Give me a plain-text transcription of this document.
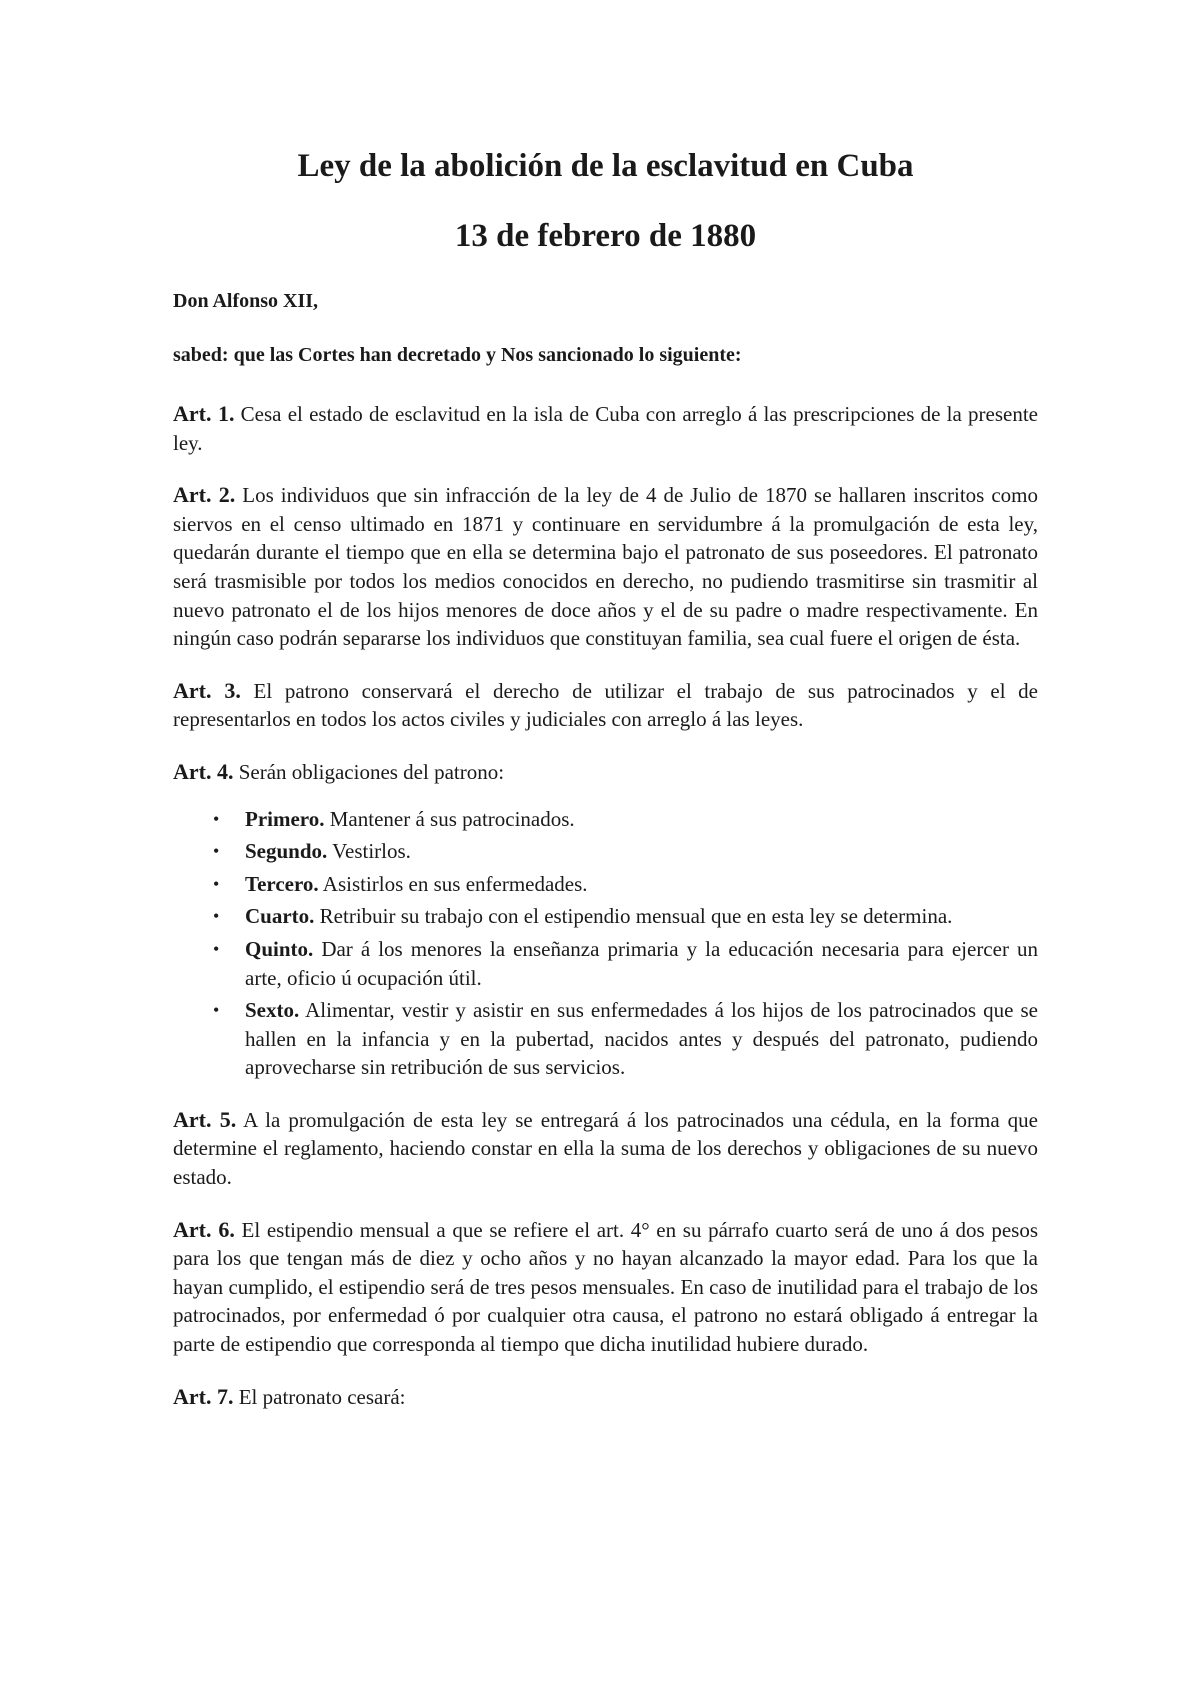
Ley de la abolición de la esclavitud en Cuba
13 de febrero de 1880

Don Alfonso XII,

sabed: que las Cortes han decretado y Nos sancionado lo siguiente:

Art. 1. Cesa el estado de esclavitud en la isla de Cuba con arreglo á las prescripciones de la presente ley.

Art. 2. Los individuos que sin infracción de la ley de 4 de Julio de 1870 se hallaren inscritos como siervos en el censo ultimado en 1871 y continuare en servidumbre á la promulgación de esta ley, quedarán durante el tiempo que en ella se determina bajo el patronato de sus poseedores. El patronato será trasmisible por todos los medios conocidos en derecho, no pudiendo trasmitirse sin trasmitir al nuevo patronato el de los hijos menores de doce años y el de su padre o madre respectivamente. En ningún caso podrán separarse los individuos que constituyan familia, sea cual fuere el origen de ésta.

Art. 3. El patrono conservará el derecho de utilizar el trabajo de sus patrocinados y el de representarlos en todos los actos civiles y judiciales con arreglo á las leyes.

Art. 4. Serán obligaciones del patrono:

• Primero. Mantener á sus patrocinados.
• Segundo. Vestirlos.
• Tercero. Asistirlos en sus enfermedades.
• Cuarto. Retribuir su trabajo con el estipendio mensual que en esta ley se determina.
• Quinto. Dar á los menores la enseñanza primaria y la educación necesaria para ejercer un arte, oficio ú ocupación útil.
• Sexto. Alimentar, vestir y asistir en sus enfermedades á los hijos de los patrocinados que se hallen en la infancia y en la pubertad, nacidos antes y después del patronato, pudiendo aprovecharse sin retribución de sus servicios.

Art. 5. A la promulgación de esta ley se entregará á los patrocinados una cédula, en la forma que determine el reglamento, haciendo constar en ella la suma de los derechos y obligaciones de su nuevo estado.

Art. 6. El estipendio mensual a que se refiere el art. 4° en su párrafo cuarto será de uno á dos pesos para los que tengan más de diez y ocho años y no hayan alcanzado la mayor edad. Para los que la hayan cumplido, el estipendio será de tres pesos mensuales. En caso de inutilidad para el trabajo de los patrocinados, por enfermedad ó por cualquier otra causa, el patrono no estará obligado á entregar la parte de estipendio que corresponda al tiempo que dicha inutilidad hubiere durado.

Art. 7. El patronato cesará:
